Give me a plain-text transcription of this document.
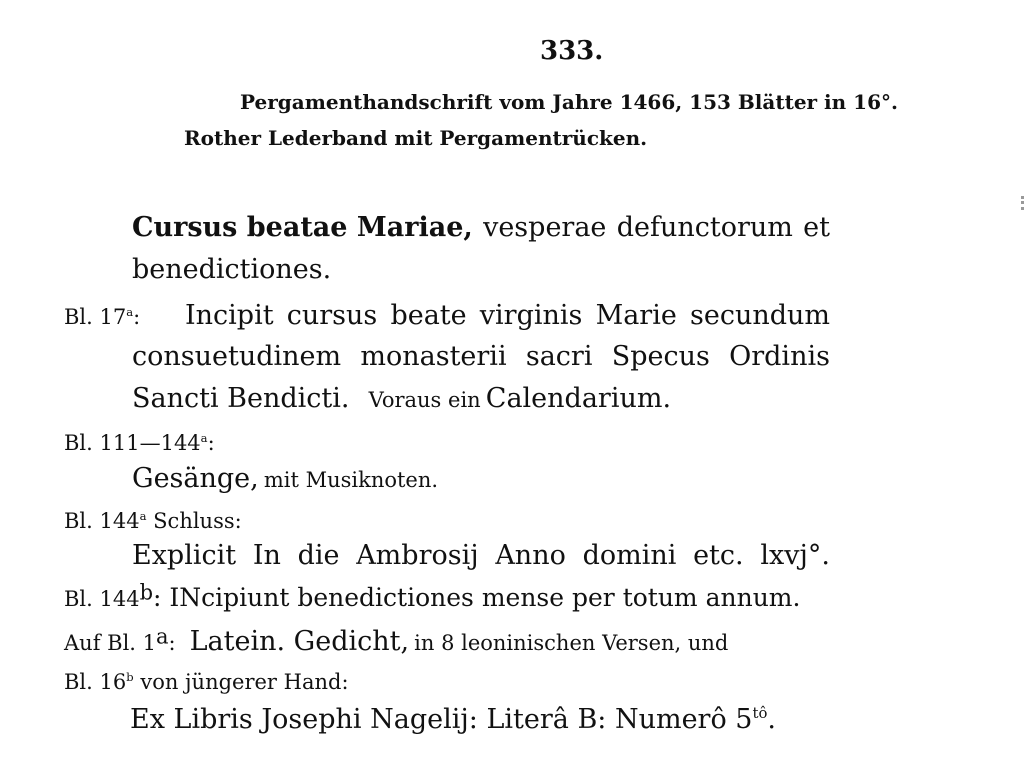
333.
Pergamenthandschrift vom Jahre 1466, 153 Blätter in 16°.
Rother Lederband mit Pergamentrücken.
Cursus beatae Mariae, vesperae defunctorum et
benedictiones.
Bl. 17$^a$: Incipit cursus beate virginis Marie secundum
consuetudinem monasterii sacri Specus Ordinis
Sancti Bendicti. Voraus ein Calendarium.
Bl. 111—144$^a$:
Gesänge, mit Musiknoten.
Bl. 144$^a$ Schluss:
Explicit In die Ambrosij Anno domini etc. lxvj°.
Bl. 144$^b$: INcipiunt benedictiones mense per totum annum.
Auf Bl. 1$^a$: Latein. Gedicht, in 8 leoninischen Versen, und
Bl. 16$^b$ von jüngerer Hand:
Ex Libris Josephi Nagelij: Literâ B: Numerô $5^{tô}$.
